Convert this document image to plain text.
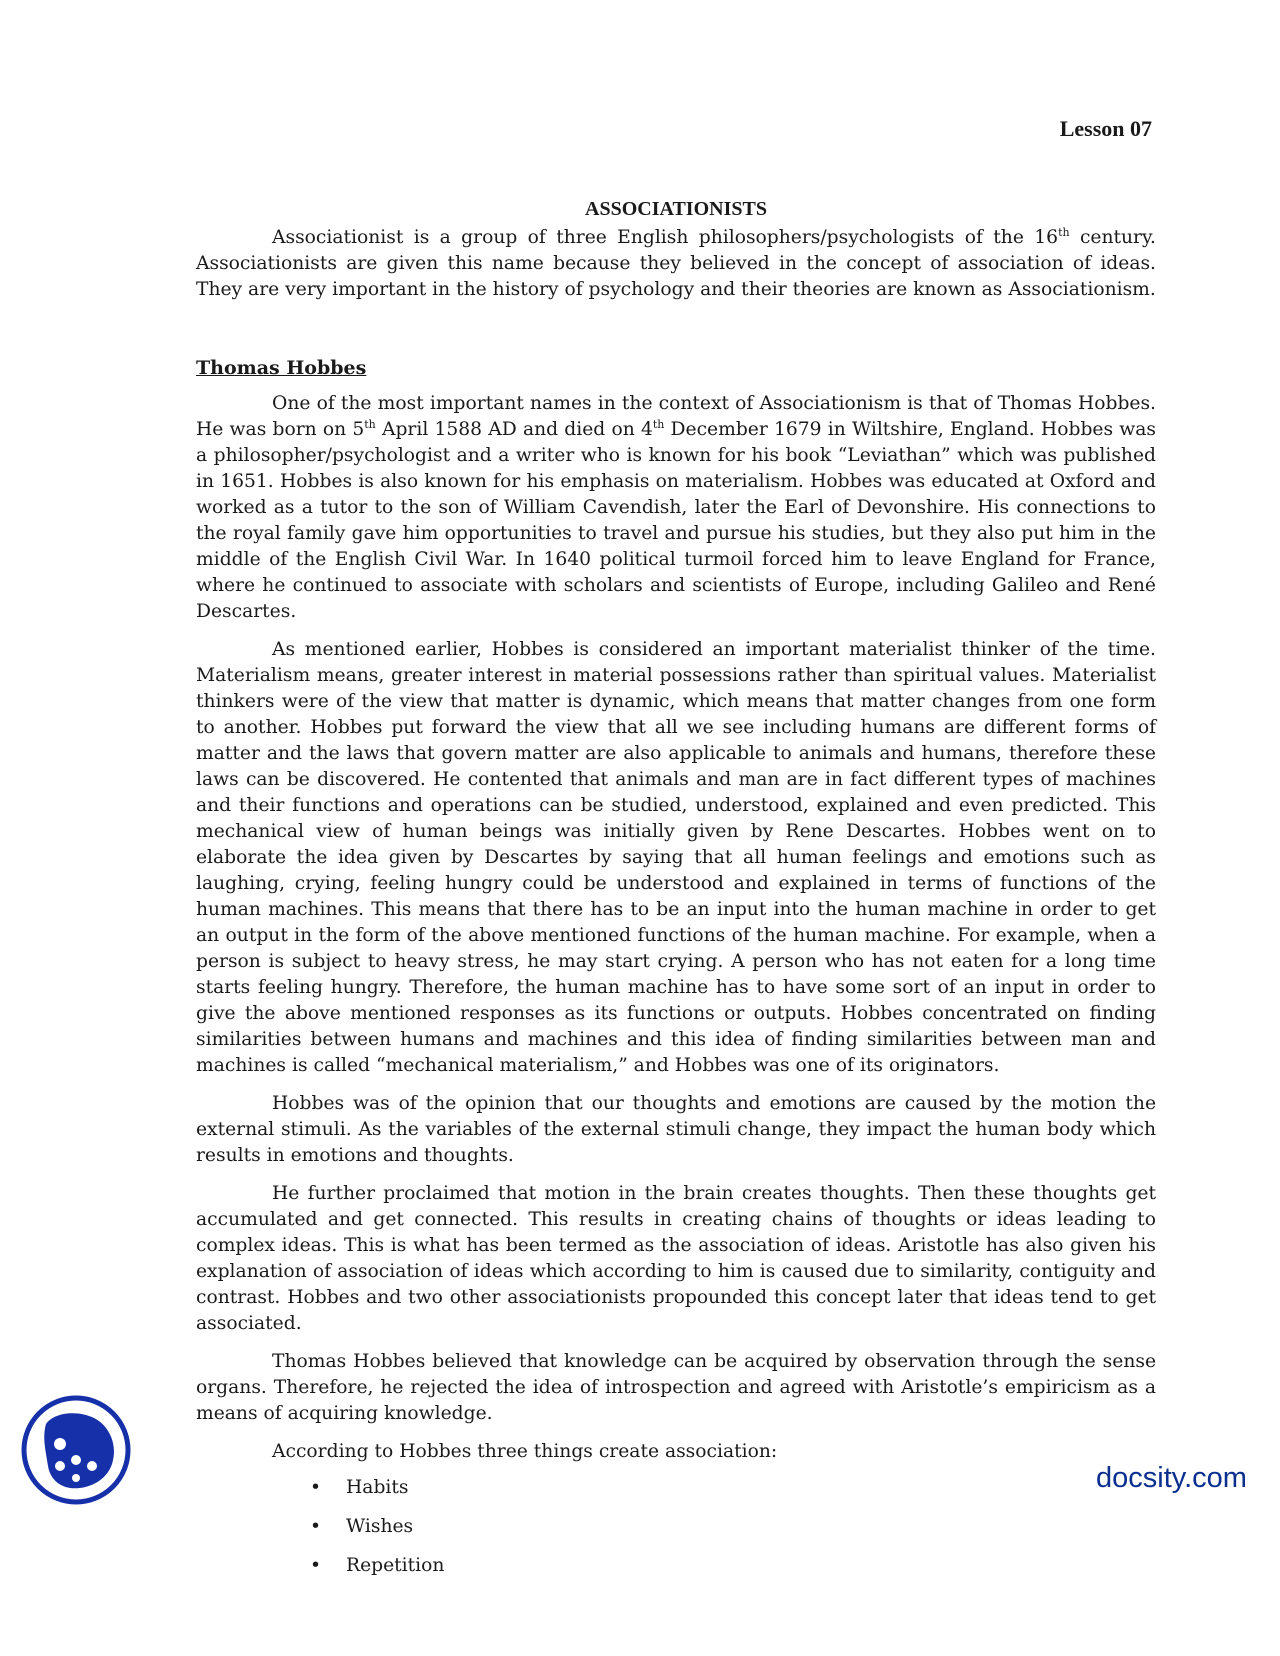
Lesson 07
ASSOCIATIONISTS

Associationist is a group of three English philosophers/psychologists of the 16th century. Associationists are given this name because they believed in the concept of association of ideas. They are very important in the history of psychology and their theories are known as Associationism.

Thomas Hobbes

One of the most important names in the context of Associationism is that of Thomas Hobbes. He was born on 5th April 1588 AD and died on 4th December 1679 in Wiltshire, England. Hobbes was a philosopher/psychologist and a writer who is known for his book “Leviathan” which was published in 1651. Hobbes is also known for his emphasis on materialism. Hobbes was educated at Oxford and worked as a tutor to the son of William Cavendish, later the Earl of Devonshire. His connections to the royal family gave him opportunities to travel and pursue his studies, but they also put him in the middle of the English Civil War. In 1640 political turmoil forced him to leave England for France, where he continued to associate with scholars and scientists of Europe, including Galileo and René Descartes.

As mentioned earlier, Hobbes is considered an important materialist thinker of the time. Materialism means, greater interest in material possessions rather than spiritual values. Materialist thinkers were of the view that matter is dynamic, which means that matter changes from one form to another. Hobbes put forward the view that all we see including humans are different forms of matter and the laws that govern matter are also applicable to animals and humans, therefore these laws can be discovered. He contented that animals and man are in fact different types of machines and their functions and operations can be studied, understood, explained and even predicted. This mechanical view of human beings was initially given by Rene Descartes. Hobbes went on to elaborate the idea given by Descartes by saying that all human feelings and emotions such as laughing, crying, feeling hungry could be understood and explained in terms of functions of the human machines. This means that there has to be an input into the human machine in order to get an output in the form of the above mentioned functions of the human machine. For example, when a person is subject to heavy stress, he may start crying. A person who has not eaten for a long time starts feeling hungry. Therefore, the human machine has to have some sort of an input in order to give the above mentioned responses as its functions or outputs. Hobbes concentrated on finding similarities between humans and machines and this idea of finding similarities between man and machines is called “mechanical materialism,” and Hobbes was one of its originators.

Hobbes was of the opinion that our thoughts and emotions are caused by the motion the external stimuli. As the variables of the external stimuli change, they impact the human body which results in emotions and thoughts.

He further proclaimed that motion in the brain creates thoughts. Then these thoughts get accumulated and get connected. This results in creating chains of thoughts or ideas leading to complex ideas. This is what has been termed as the association of ideas. Aristotle has also given his explanation of association of ideas which according to him is caused due to similarity, contiguity and contrast. Hobbes and two other associationists propounded this concept later that ideas tend to get associated.

Thomas Hobbes believed that knowledge can be acquired by observation through the sense organs. Therefore, he rejected the idea of introspection and agreed with Aristotle’s empiricism as a means of acquiring knowledge.

According to Hobbes three things create association:

• Habits
• Wishes
• Repetition
docsity.com
